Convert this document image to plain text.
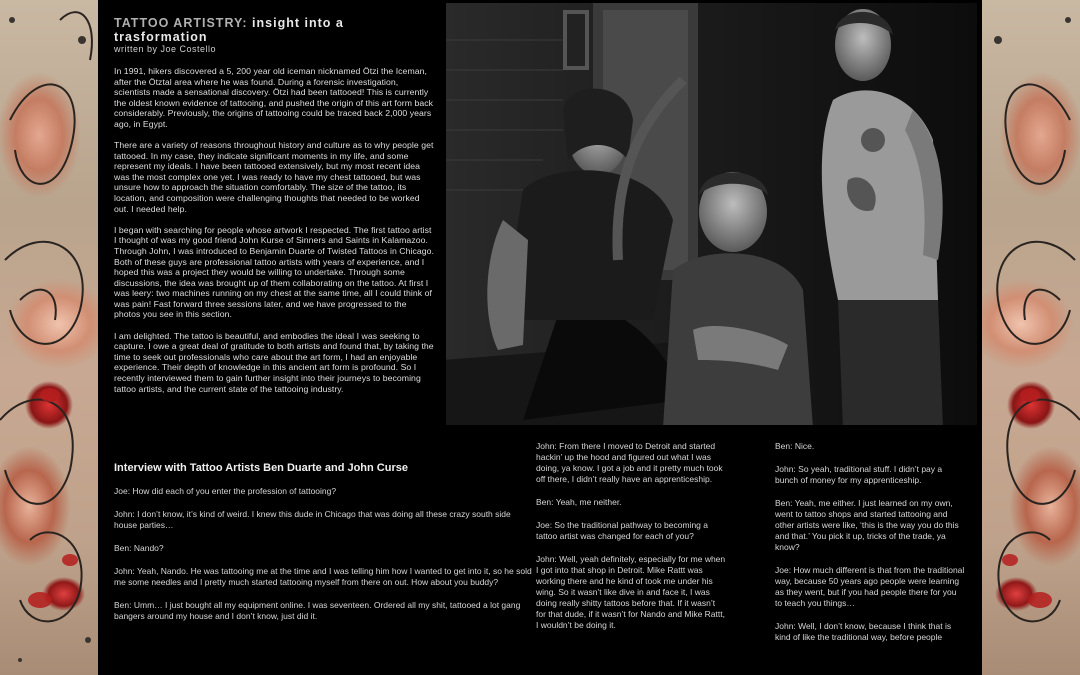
TATTOO ARTISTRY: insight into a trasformation

written by Joe Costello

In 1991, hikers discovered a 5, 200 year old iceman nicknamed Ötzi the Iceman, after the Ötztal area where he was found. During a forensic investigation, scientists made a sensational discovery. Ötzi had been tattooed! This is currently the oldest known evidence of tattooing, and pushed the origin of this art form back considerably. Previously, the origins of tattooing could be traced back 2,000 years ago, in Egypt.

There are a variety of reasons throughout history and culture as to why people get tattooed. In my case, they indicate significant moments in my life, and some represent my ideals. I have been tattooed extensively, but my most recent idea was the most complex one yet. I was ready to have my chest tattooed, but was unsure how to approach the situation comfortably. The size of the tattoo, its location, and composition were challenging thoughts that needed to be worked out. I needed help.

I began with searching for people whose artwork I respected. The first tattoo artist I thought of was my good friend John Kurse of Sinners and Saints in Kalamazoo. Through John, I was introduced to Benjamin Duarte of Twisted Tattoos in Chicago. Both of these guys are professional tattoo artists with years of experience, and I hoped this was a project they would be willing to undertake. Through some discussions, the idea was brought up of them collaborating on the tattoo. At first I was leery: two machines running on my chest at the same time, all I could think of was pain! Fast forward three sessions later, and we have progressed to the photos you see in this section.

I am delighted. The tattoo is beautiful, and embodies the ideal I was seeking to capture. I owe a great deal of gratitude to both artists and found that, by taking the time to seek out professionals who care about the art form, I had an enjoyable experience. Their depth of knowledge in this ancient art form is profound. So I recently interviewed them to gain further insight into their journeys to becoming tattoo artists, and the current state of the tattooing industry.

Interview with Tattoo Artists Ben Duarte and John Curse

Joe: How did each of you enter the profession of tattooing?

John: I don’t know, it’s kind of weird. I knew this dude in Chicago that was doing all these crazy south side house parties…

Ben: Nando?

John: Yeah, Nando. He was tattooing me at the time and I was telling him how I wanted to get into it, so he sold me some needles and I pretty much started tattooing myself from there on out. How about you buddy?

Ben: Umm… I just bought all my equipment online. I was seventeen. Ordered all my shit, tattooed a lot gang bangers around my house and I don’t know, just did it.

John: From there I moved to Detroit and started hackin’ up the hood and figured out what I was doing, ya know. I got a job and it pretty much took off there, I didn’t really have an apprenticeship.

Ben: Yeah, me neither.

Joe: So the traditional pathway to becoming a tattoo artist was changed for each of you?

John: Well, yeah definitely, especially for me when I got into that shop in Detroit. Mike Rattt was working there and he kind of took me under his wing. So it wasn’t like dive in and face it, I was doing really shitty tattoos before that. If it wasn’t for that dude, if it wasn’t for Nando and Mike Rattt, I wouldn’t be doing it.

Ben: Nice.

John: So yeah, traditional stuff. I didn’t pay a bunch of money for my apprenticeship.

Ben: Yeah, me either. I just learned on my own, went to tattoo shops and started tattooing and other artists were like, ‘this is the way you do this and that.’ You pick it up, tricks of the trade, ya know?

Joe: How much different is that from the traditional way, because 50 years ago people were learning as they went, but if you had people there for you to teach you things…

John: Well, I don’t know, because I think that is kind of like the traditional way, before people
